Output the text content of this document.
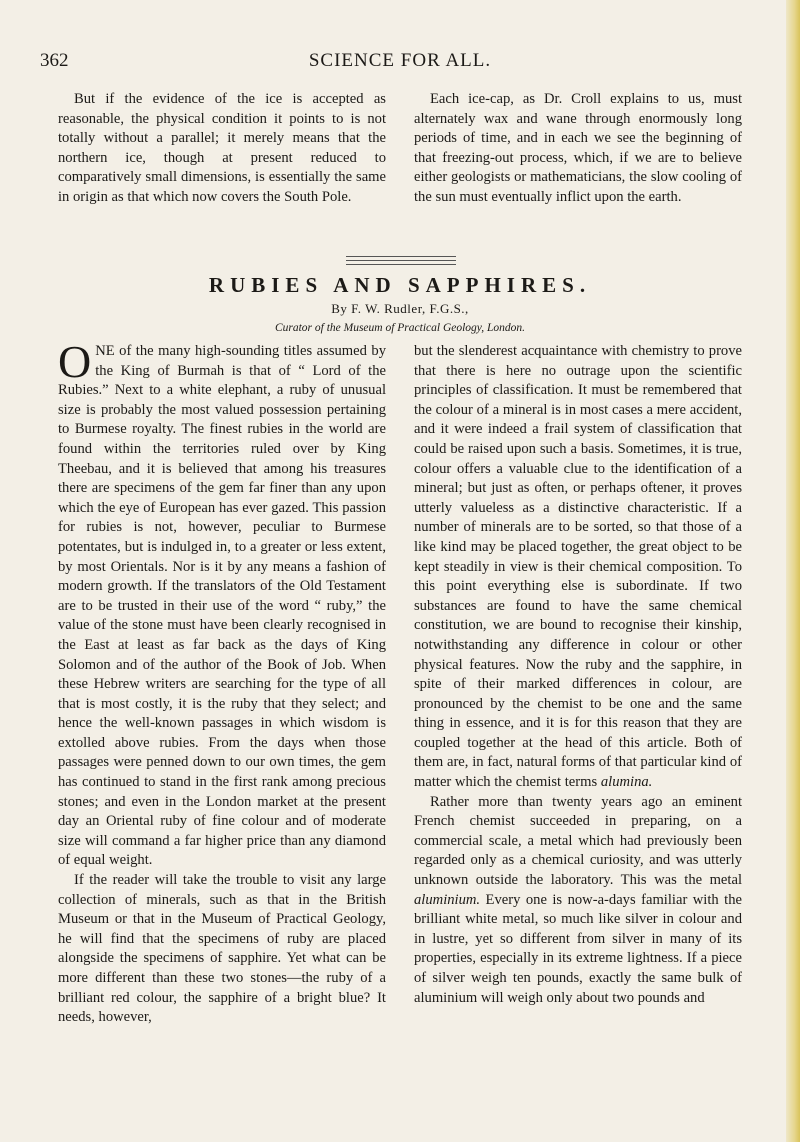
362	SCIENCE FOR ALL.

But if the evidence of the ice is accepted as reasonable, the physical condition it points to is not totally without a parallel; it merely means that the northern ice, though at present reduced to comparatively small dimensions, is essentially the same in origin as that which now covers the South Pole.

Each ice-cap, as Dr. Croll explains to us, must alternately wax and wane through enormously long periods of time, and in each we see the beginning of that freezing-out process, which, if we are to believe either geologists or mathematicians, the slow cooling of the sun must eventually inflict upon the earth.

RUBIES AND SAPPHIRES.
By F. W. Rudler, F.G.S.,
Curator of the Museum of Practical Geology, London.

ONE of the many high-sounding titles assumed by the King of Burmah is that of “ Lord of the Rubies.” Next to a white elephant, a ruby of unusual size is probably the most valued possession pertaining to Burmese royalty. The finest rubies in the world are found within the territories ruled over by King Theebau, and it is believed that among his treasures there are specimens of the gem far finer than any upon which the eye of European has ever gazed. This passion for rubies is not, however, peculiar to Burmese potentates, but is indulged in, to a greater or less extent, by most Orientals. Nor is it by any means a fashion of modern growth. If the translators of the Old Testament are to be trusted in their use of the word “ ruby,” the value of the stone must have been clearly recognised in the East at least as far back as the days of King Solomon and of the author of the Book of Job. When these Hebrew writers are searching for the type of all that is most costly, it is the ruby that they select; and hence the well-known passages in which wisdom is extolled above rubies. From the days when those passages were penned down to our own times, the gem has continued to stand in the first rank among precious stones; and even in the London market at the present day an Oriental ruby of fine colour and of moderate size will command a far higher price than any diamond of equal weight.

If the reader will take the trouble to visit any large collection of minerals, such as that in the British Museum or that in the Museum of Practical Geology, he will find that the specimens of ruby are placed alongside the specimens of sapphire. Yet what can be more different than these two stones—the ruby of a brilliant red colour, the sapphire of a bright blue? It needs, however,

but the slenderest acquaintance with chemistry to prove that there is here no outrage upon the scientific principles of classification. It must be remembered that the colour of a mineral is in most cases a mere accident, and it were indeed a frail system of classification that could be raised upon such a basis. Sometimes, it is true, colour offers a valuable clue to the identification of a mineral; but just as often, or perhaps oftener, it proves utterly valueless as a distinctive characteristic. If a number of minerals are to be sorted, so that those of a like kind may be placed together, the great object to be kept steadily in view is their chemical composition. To this point everything else is subordinate. If two substances are found to have the same chemical constitution, we are bound to recognise their kinship, notwithstanding any difference in colour or other physical features. Now the ruby and the sapphire, in spite of their marked differences in colour, are pronounced by the chemist to be one and the same thing in essence, and it is for this reason that they are coupled together at the head of this article. Both of them are, in fact, natural forms of that particular kind of matter which the chemist terms alumina.

Rather more than twenty years ago an eminent French chemist succeeded in preparing, on a commercial scale, a metal which had previously been regarded only as a chemical curiosity, and was utterly unknown outside the laboratory. This was the metal aluminium. Every one is now-a-days familiar with the brilliant white metal, so much like silver in colour and in lustre, yet so different from silver in many of its properties, especially in its extreme lightness. If a piece of silver weigh ten pounds, exactly the same bulk of aluminium will weigh only about two pounds and
